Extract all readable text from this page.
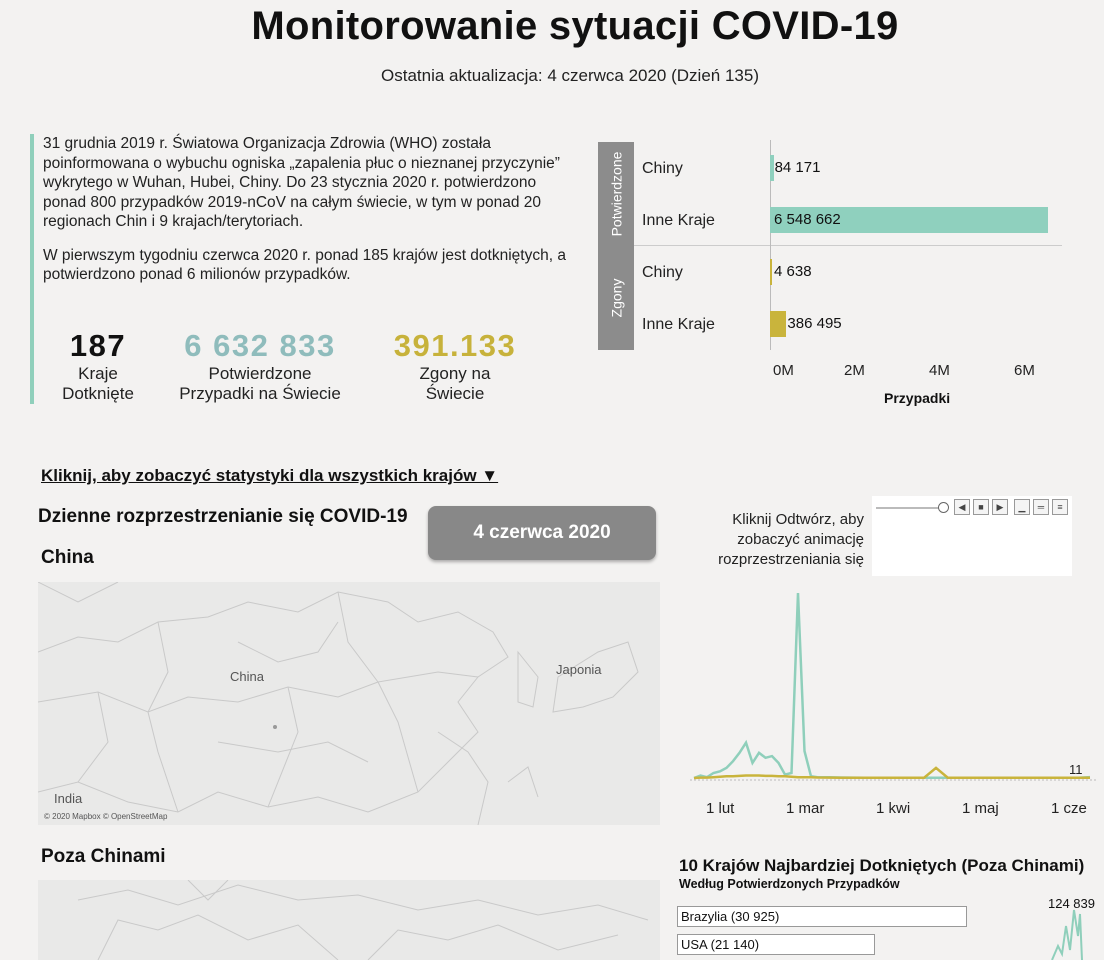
Monitorowanie sytuacji COVID-19
Ostatnia aktualizacja: 4 czerwca 2020 (Dzień 135)

31 grudnia 2019 r. Światowa Organizacja Zdrowia (WHO) została poinformowana o wybuchu ogniska „zapalenia płuc o nieznanej przyczynie” wykrytego w Wuhan, Hubei, Chiny. Do 23 stycznia 2020 r. potwierdzono ponad 800 przypadków 2019-nCoV na całym świecie, w tym w ponad 20 regionach Chin i 9 krajach/terytoriach.

W pierwszym tygodniu czerwca 2020 r. ponad 185 krajów jest dotkniętych, a potwierdzono ponad 6 milionów przypadków.

187
Kraje
Dotknięte
6 632 833
Potwierdzone
Przypadki na Świecie
391.133
Zgony na
Świecie
Potwierdzone
Zgony
Chiny
Inne Kraje
Chiny
Inne Kraje
0M	2M	4M	6M
Przypadki
84 171
6 548 662
4 638
386 495
Kliknij, aby zobaczyć statystyki dla wszystkich krajów ▼
Dzienne rozprzestrzenianie się COVID-19
4 czerwca 2020
China
China	Japonia
India
© 2020 Mapbox © OpenStreetMap
Poza Chinami
Kliknij Odtwórz, aby zobaczyć animację rozprzestrzeniania się
◀ ■ ▶ ▁ ═ ≡
1 lut	1 mar	1 kwi	1 maj	1 cze
11
10 Krajów Najbardziej Dotkniętych (Poza Chinami)
Według Potwierdzonych Przypadków
Brazylia (30 925)
USA (21 140)
124 839
